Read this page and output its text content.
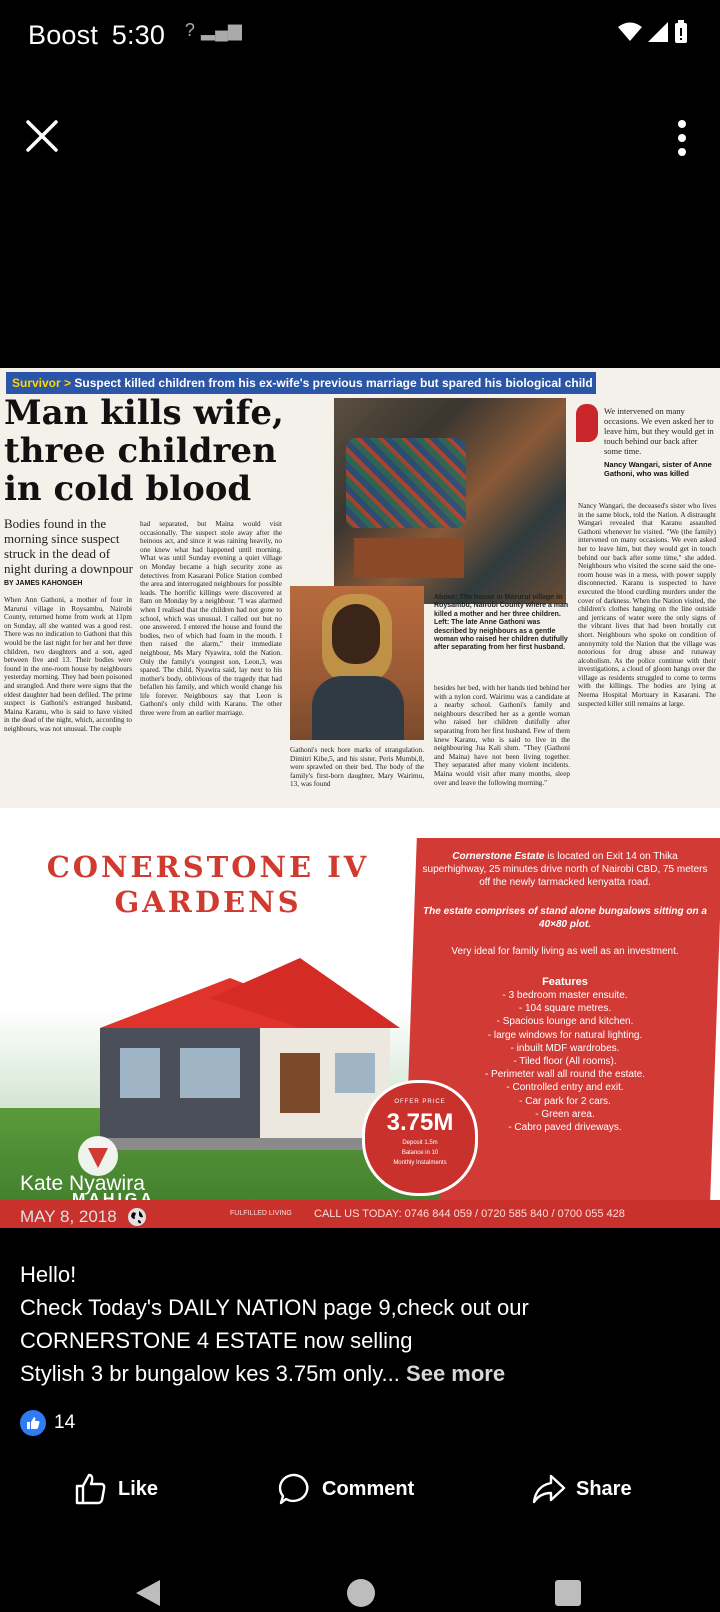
Boost 5:30 ? ▂▄▆
Survivor > Suspect killed children from his ex-wife's previous marriage but spared his biological child
Man kills wife,
three children
in cold blood
Bodies found in the morning since suspect struck in the dead of night during a downpour
BY JAMES KAHONGEH
When Ann Gathoni, a mother of four in Marurui village in Roysambu, Nairobi County, returned home from work at 11pm on Sunday, all she wanted was a good rest. There was no indication to Gathoni that this would be the last night for her and her three children, two daughters and a son, aged between five and 13. Their bodies were found in the one-room house by neighbours yesterday morning. They had been poisoned and strangled. And there were signs that the eldest daughter had been defiled. The prime suspect is Gathoni's estranged husband, Maina Karanu, who is said to have visited in the dead of the night, which, according to neighbours, was not unusual. The couple
had separated, but Maina would visit occasionally. The suspect stole away after the heinous act, and since it was raining heavily, no one knew what had happened until morning. What was until Sunday evening a quiet village on Monday became a high security zone as detectives from Kasarani Police Station combed the area and interrogated neighbours for possible leads. The horrific killings were discovered at 8am on Monday by a neighbour. "I was alarmed when I realised that the children had not gone to school, which was unusual. I called out but no one answered. I entered the house and found the bodies, two of which had foam in the mouth. I then raised the alarm," their immediate neighbour, Ms Mary Nyawira, told the Nation. Only the family's youngest son, Leon,3, was spared. The child, Nyawira said, lay next to his mother's body, oblivious of the tragedy that had befallen his family, and which would change his life forever. Neighbours say that Leon is Gathoni's only child with Karanu. The other three were from an earlier marriage.
Gathoni's neck bore marks of strangulation. Dimitri Kibe,5, and his sister, Peris Mumbi,8, were sprawled on their bed. The body of the family's first-born daughter, Mary Wairimu, 13, was found
Above: The house in Marurui village in Roysambu, Nairobi County where a man killed a mother and her three children. Left: The late Anne Gathoni was described by neighbours as a gentle woman who raised her children dutifully after separating from her first husband.
besides her bed, with her hands tied behind her with a nylon cord. Wairimu was a candidate at a nearby school. Gathoni's family and neighbours described her as a gentle woman who raised her children dutifully after separating from her first husband. Few of them knew Karanu, who is said to live in the neighbouring Jua Kali slum. "They (Gathoni and Maina) have not been living together. They separated after many violent incidents. Maina would visit after many months, sleep over and leave the following morning."
We intervened on many occasions. We even asked her to leave him, but they would get in touch behind our back after some time.
Nancy Wangari, sister of Anne Gathoni, who was killed
Nancy Wangari, the deceased's sister who lives in the same block, told the Nation. A distraught Wangari revealed that Karanu assaulted Gathoni whenever he visited. "We (the family) intervened on many occasions. We even asked her to leave him, but they would get in touch behind our back after some time," she added. Neighbours who visited the scene said the one-room house was in a mess, with power supply disconnected. Karanu is suspected to have executed the blood curdling murders under the cover of darkness. When the Nation visited, the children's clothes hanging on the line outside and jerricans of water were the only signs of the vibrant lives that had been brutally cut short. Neighbours who spoke on condition of anonymity told the Nation that the village was notorious for drug abuse and runaway alcoholism. As the police continue with their investigations, a cloud of gloom hangs over the village as residents struggled to come to terms with the killings. The bodies are lying at Neema Hospital Mortuary in Kasarani. The suspected killer still remains at large.
CONERSTONE IV
GARDENS
Cornerstone Estate is located on Exit 14 on Thika superhighway, 25 minutes drive north of Nairobi CBD, 75 meters off the newly tarmacked kenyatta road.
The estate comprises of stand alone bungalows sitting on a 40×80 plot.
Very ideal for family living as well as an investment.
Features
- 3 bedroom master ensuite.
- 104 square metres.
- Spacious lounge and kitchen.
- large windows for natural lighting.
- inbuilt MDF wardrobes.
- Tiled floor (All rooms).
- Perimeter wall all round the estate.
- Controlled entry and exit.
- Car park for 2 cars.
- Green area.
- Cabro paved driveways.
OFFER PRICE
3.75M
Deposit 1.5m
Balance in 10
Monthly Instalments
FULFILLED LIVING CALL US TODAY: 0746 844 059 / 0720 585 840 / 0700 055 428
Kate Nyawira
MAY 8, 2018
Hello!
Check Today's DAILY NATION page 9,check out our
CORNERSTONE 4 ESTATE now selling
Stylish 3 br bungalow kes 3.75m only... See more
14
Like	Comment	Share
